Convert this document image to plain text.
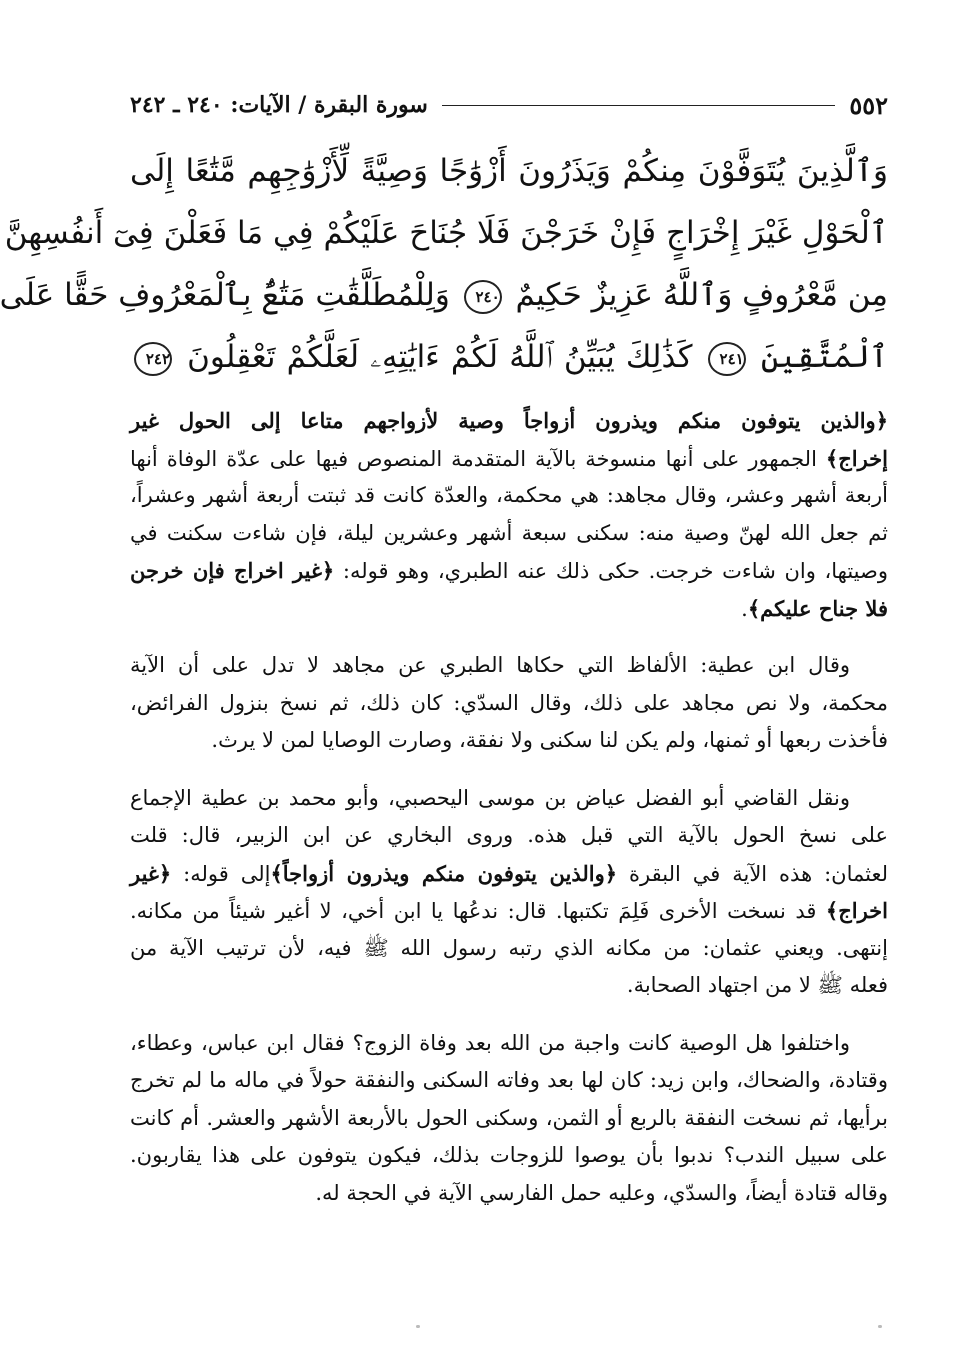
٥٥٢
سورة البقرة / الآيات: ٢٤٠ ـ ٢٤٢
وَٱلَّذِينَ يُتَوَفَّوْنَ مِنكُمْ وَيَذَرُونَ أَزْوَٰجًا وَصِيَّةً لِّأَزْوَٰجِهِم مَّتَٰعًا إِلَى
ٱلْحَوْلِ غَيْرَ إِخْرَاجٍ فَإِنْ خَرَجْنَ فَلَا جُنَاحَ عَلَيْكُمْ فِي مَا فَعَلْنَ فِىٓ أَنفُسِهِنَّ
مِن مَّعْرُوفٍ وَٱللَّهُ عَزِيزٌ حَكِيمٌ ٢٤٠ وَلِلْمُطَلَّقَٰتِ مَتَٰعٌۢ بِٱلْمَعْرُوفِ حَقًّا عَلَى
ٱلْمُتَّقِينَ ٢٤١ كَذَٰلِكَ يُبَيِّنُ ٱللَّهُ لَكُمْ ءَايَٰتِهِۦ لَعَلَّكُمْ تَعْقِلُونَ ٢٤٢
﴿والذين يتوفون منكم ويذرون أزواجاً وصية لأزواجهم متاعا إلى الحول غير
إخراج﴾ الجمهور على أنها منسوخة بالآية المتقدمة المنصوص فيها على عدّة الوفاة أنها
أربعة أشهر وعشر، وقال مجاهد: هي محكمة، والعدّة كانت قد ثبتت أربعة أشهر وعشراً،
ثم جعل الله لهنّ وصية منه: سكنى سبعة أشهر وعشرين ليلة، فإن شاءت سكنت في
وصيتها، وان شاءت خرجت. حكى ذلك عنه الطبري، وهو قوله: ﴿غير اخراج فإن خرجن
فلا جناح عليكم﴾.
وقال ابن عطية: الألفاظ التي حكاها الطبري عن مجاهد لا تدل على أن الآية
محكمة، ولا نص مجاهد على ذلك، وقال السدّي: كان ذلك، ثم نسخ بنزول الفرائض،
فأخذت ربعها أو ثمنها، ولم يكن لنا سكنى ولا نفقة، وصارت الوصايا لمن لا يرث.
ونقل القاضي أبو الفضل عياض بن موسى اليحصبي، وأبو محمد بن عطية الإجماع
على نسخ الحول بالآية التي قبل هذه. وروى البخاري عن ابن الزبير، قال: قلت
لعثمان: هذه الآية في البقرة ﴿والذين يتوفون منكم ويذرون أزواجاً﴾إلى قوله: ﴿غير
اخراج﴾ قد نسخت الأخرى فَلِمَ تكتبها. قال: ندعُها يا ابن أخي، لا أغير شيئاً من مكانه.
إنتهى. ويعني عثمان: من مكانه الذي رتبه رسول الله ﷺ فيه، لأن ترتيب الآية من
فعله ﷺ لا من اجتهاد الصحابة.
واختلفوا هل الوصية كانت واجبة من الله بعد وفاة الزوج؟ فقال ابن عباس، وعطاء،
وقتادة، والضحاك، وابن زيد: كان لها بعد وفاته السكنى والنفقة حولاً في ماله ما لم تخرج
برأيها، ثم نسخت النفقة بالربع أو الثمن، وسكنى الحول بالأربعة الأشهر والعشر. أم كانت
على سبيل الندب؟ ندبوا بأن يوصوا للزوجات بذلك، فيكون يتوفون على هذا يقاربون.
وقاله قتادة أيضاً، والسدّي، وعليه حمل الفارسي الآية في الحجة له.
